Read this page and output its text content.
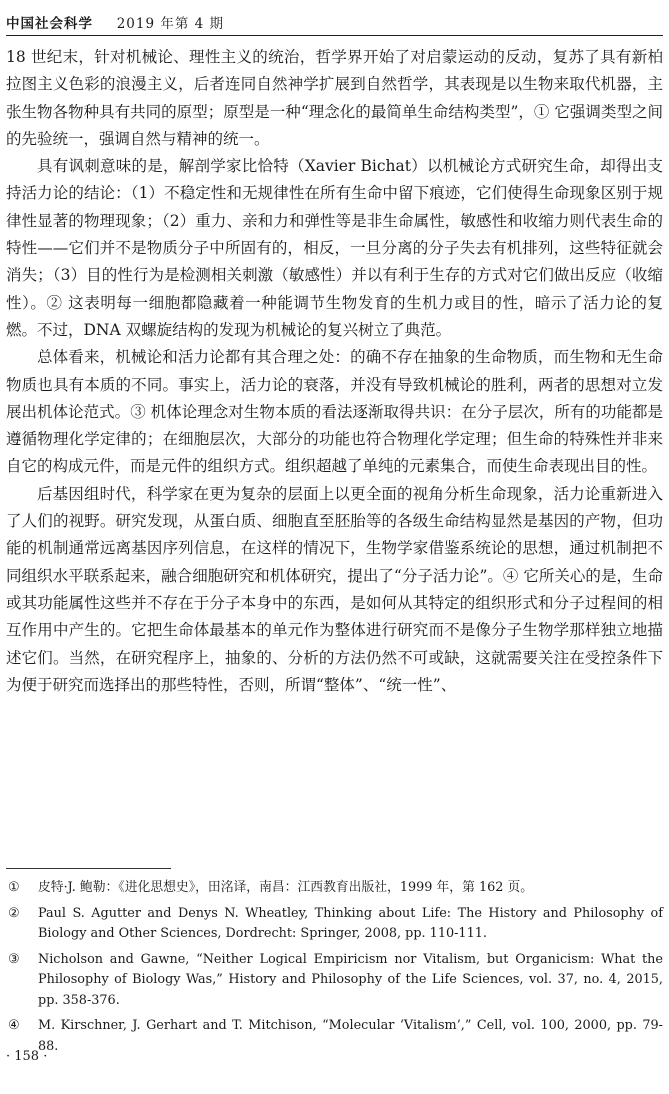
中国社会科学 2019 年第 4 期

18 世纪末，针对机械论、理性主义的统治，哲学界开始了对启蒙运动的反动，复苏了具有新柏拉图主义色彩的浪漫主义，后者连同自然神学扩展到自然哲学，其表现是以生物来取代机器，主张生物各物种具有共同的原型；原型是一种“理念化的最简单生命结构类型”，① 它强调类型之间的先验统一，强调自然与精神的统一。

具有讽刺意味的是，解剖学家比恰特（Xavier Bichat）以机械论方式研究生命，却得出支持活力论的结论：（1）不稳定性和无规律性在所有生命中留下痕迹，它们使得生命现象区别于规律性显著的物理现象；（2）重力、亲和力和弹性等是非生命属性，敏感性和收缩力则代表生命的特性——它们并不是物质分子中所固有的，相反，一旦分离的分子失去有机排列，这些特征就会消失；（3）目的性行为是检测相关刺激（敏感性）并以有利于生存的方式对它们做出反应（收缩性）。② 这表明每一细胞都隐藏着一种能调节生物发育的生机力或目的性，暗示了活力论的复燃。不过，DNA 双螺旋结构的发现为机械论的复兴树立了典范。

总体看来，机械论和活力论都有其合理之处：的确不存在抽象的生命物质，而生物和无生命物质也具有本质的不同。事实上，活力论的衰落，并没有导致机械论的胜利，两者的思想对立发展出机体论范式。③ 机体论理念对生物本质的看法逐渐取得共识：在分子层次，所有的功能都是遵循物理化学定律的；在细胞层次，大部分的功能也符合物理化学定理；但生命的特殊性并非来自它的构成元件，而是元件的组织方式。组织超越了单纯的元素集合，而使生命表现出目的性。

后基因组时代，科学家在更为复杂的层面上以更全面的视角分析生命现象，活力论重新进入了人们的视野。研究发现，从蛋白质、细胞直至胚胎等的各级生命结构显然是基因的产物，但功能的机制通常远离基因序列信息，在这样的情况下，生物学家借鉴系统论的思想，通过机制把不同组织水平联系起来，融合细胞研究和机体研究，提出了“分子活力论”。④ 它所关心的是，生命或其功能属性这些并不存在于分子本身中的东西，是如何从其特定的组织形式和分子过程间的相互作用中产生的。它把生命体最基本的单元作为整体进行研究而不是像分子生物学那样独立地描述它们。当然，在研究程序上，抽象的、分析的方法仍然不可或缺，这就需要关注在受控条件下为便于研究而选择出的那些特性，否则，所谓“整体”、“统一性”、

①	皮特·J. 鲍勒：《进化思想史》，田洺译，南昌：江西教育出版社，1999 年，第 162 页。
②	Paul S. Agutter and Denys N. Wheatley, Thinking about Life: The History and Philosophy of Biology and Other Sciences, Dordrecht: Springer, 2008, pp. 110-111.
③	Nicholson and Gawne, “Neither Logical Empiricism nor Vitalism, but Organicism: What the Philosophy of Biology Was,” History and Philosophy of the Life Sciences, vol. 37, no. 4, 2015, pp. 358-376.
④	M. Kirschner, J. Gerhart and T. Mitchison, “Molecular ‘Vitalism’,” Cell, vol. 100, 2000, pp. 79-88.
· 158 ·
